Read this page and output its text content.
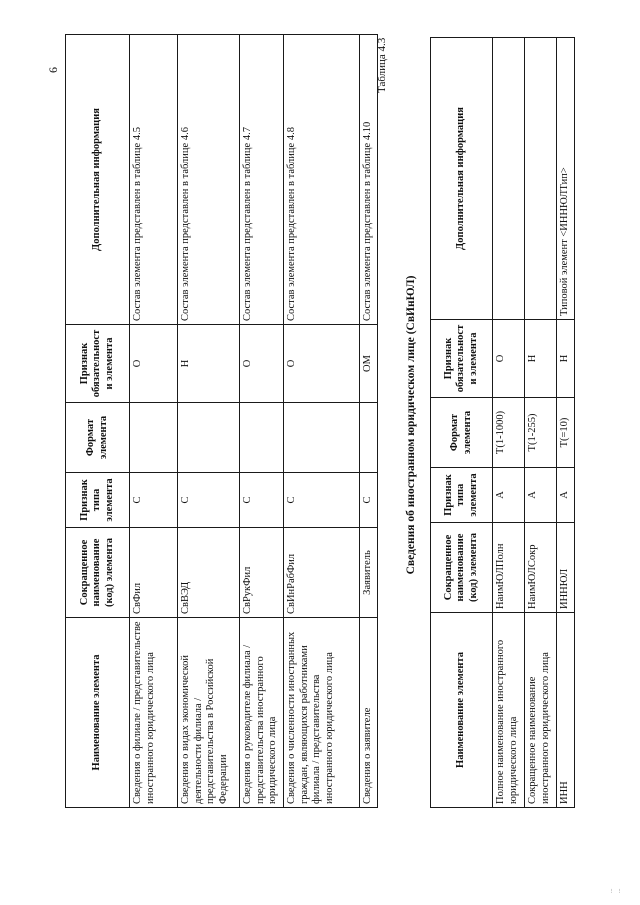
6
Наименование элемента	Сокращенное наименование (код) элемента	Признак типа элемента	Формат элемента	Признак обязательности элемента	Дополнительная информация
Сведения о филиале / представительстве иностранного юридического лица	СвФил	С		О	Состав элемента представлен в таблице 4.5
Сведения о видах экономической деятельности филиала / представительства в Российской Федерации	СвВЭД	С		Н	Состав элемента представлен в таблице 4.6
Сведения о руководителе филиала / представительства иностранного юридического лица	СвРукФил	С		О	Состав элемента представлен в таблице 4.7
Сведения о численности иностранных граждан, являющихся работниками филиала / представительства иностранного юридического лица	СвИнРабФил	С		О	Состав элемента представлен в таблице 4.8
Сведения о заявителе	Заявитель	С		ОМ	Состав элемента представлен в таблице 4.10
Таблица 4.3
Сведения об иностранном юридическом лице (СвИнЮЛ)
Наименование элемента	Сокращенное наименование (код) элемента	Признак типа элемента	Формат элемента	Признак обязательности элемента	Дополнительная информация
Полное наименование иностранного юридического лица	НаимЮЛПолн	А	T(1-1000)	О	
Сокращенное наименование иностранного юридического лица	НаимЮЛСокр	А	T(1-255)	Н	
ИНН	ИННЮЛ	А	T(=10)	Н	Типовой элемент <ИННЮЛТип>
... ...
